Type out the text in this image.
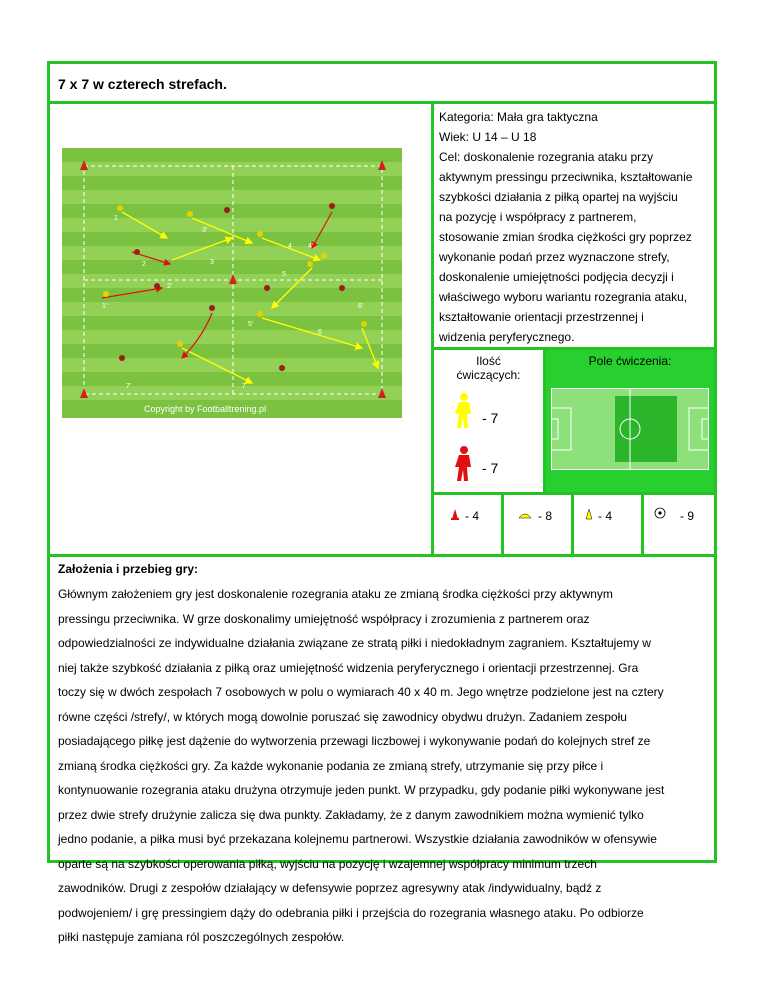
7 x 7 w czterech strefach.
1
1'
2
2'
3
3'
4 4'
5
5'
6
6'
7
7'
Copyright by Footballtrening.pl
Kategoria: Mała gra taktyczna
Wiek: U 14 – U 18
Cel: doskonalenie rozegrania ataku przy
aktywnym pressingu przeciwnika, kształtowanie
szybkości działania z piłką opartej na wyjściu
na pozycję i współpracy z partnerem,
stosowanie zmian środka ciężkości gry poprzez
wykonanie podań przez wyznaczone strefy,
doskonalenie umiejętności podjęcia decyzji i
właściwego wyboru wariantu rozegrania ataku,
kształtowanie orientacji przestrzennej i
widzenia peryferycznego.
Ilość
ćwiczących:
- 7
- 7
Pole ćwiczenia:
- 4	- 8	- 4	- 9
Założenia i przebieg gry:
Głównym założeniem gry jest doskonalenie rozegrania ataku ze zmianą środka ciężkości przy aktywnym
pressingu przeciwnika. W grze doskonalimy umiejętność współpracy i zrozumienia z partnerem oraz
odpowiedzialności ze indywidualne działania związane ze stratą piłki i niedokładnym zagraniem. Kształtujemy w
niej także szybkość działania z piłką oraz umiejętność widzenia peryferycznego i orientacji przestrzennej. Gra
toczy się w dwóch zespołach 7 osobowych w polu o wymiarach 40 x 40 m. Jego wnętrze podzielone jest na cztery
równe części /strefy/, w których mogą dowolnie poruszać się zawodnicy obydwu drużyn. Zadaniem zespołu
posiadającego piłkę jest dążenie do wytworzenia przewagi liczbowej i wykonywanie podań do kolejnych stref ze
zmianą środka ciężkości gry. Za każde wykonanie podania ze zmianą strefy, utrzymanie się przy piłce i
kontynuowanie rozegrania ataku drużyna otrzymuje jeden punkt. W przypadku, gdy podanie piłki wykonywane jest
przez dwie strefy drużynie zalicza się dwa punkty. Zakładamy, że z danym zawodnikiem można wymienić tylko
jedno podanie, a piłka musi być przekazana kolejnemu partnerowi. Wszystkie działania zawodników w ofensywie
oparte są na szybkości operowania piłką, wyjściu na pozycję i wzajemnej współpracy minimum trzech
zawodników. Drugi z zespołów działający w defensywie poprzez agresywny atak /indywidualny, bądź z
podwojeniem/ i grę pressingiem dąży do odebrania piłki i przejścia do rozegrania własnego ataku. Po odbiorze
piłki następuje zamiana ról poszczególnych zespołów.
